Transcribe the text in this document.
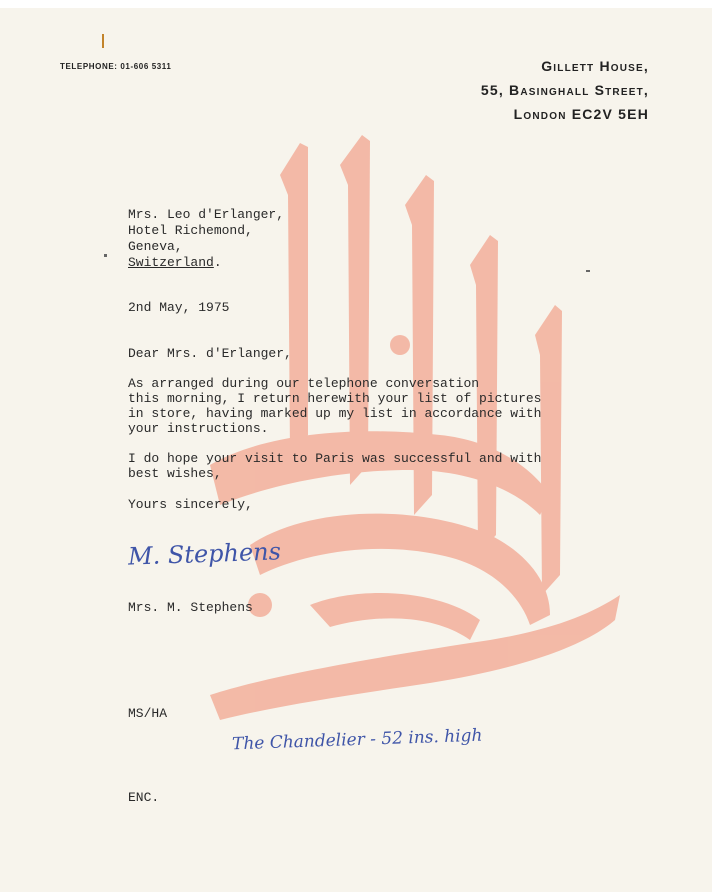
TELEPHONE: 01-606 5311	Gillett House,
55, Basinghall Street,
London EC2V 5EH
Mrs. Leo d'Erlanger,
Hotel Richemond,
Geneva,
Switzerland.
2nd May, 1975
Dear Mrs. d'Erlanger,
As arranged during our telephone conversation
this morning, I return herewith your list of pictures
in store, having marked up my list in accordance with
your instructions.
I do hope your visit to Paris was successful and with
best wishes,
Yours sincerely,
M. Stephens
Mrs. M. Stephens
MS/HA
The Chandelier - 52 ins. high
ENC.
